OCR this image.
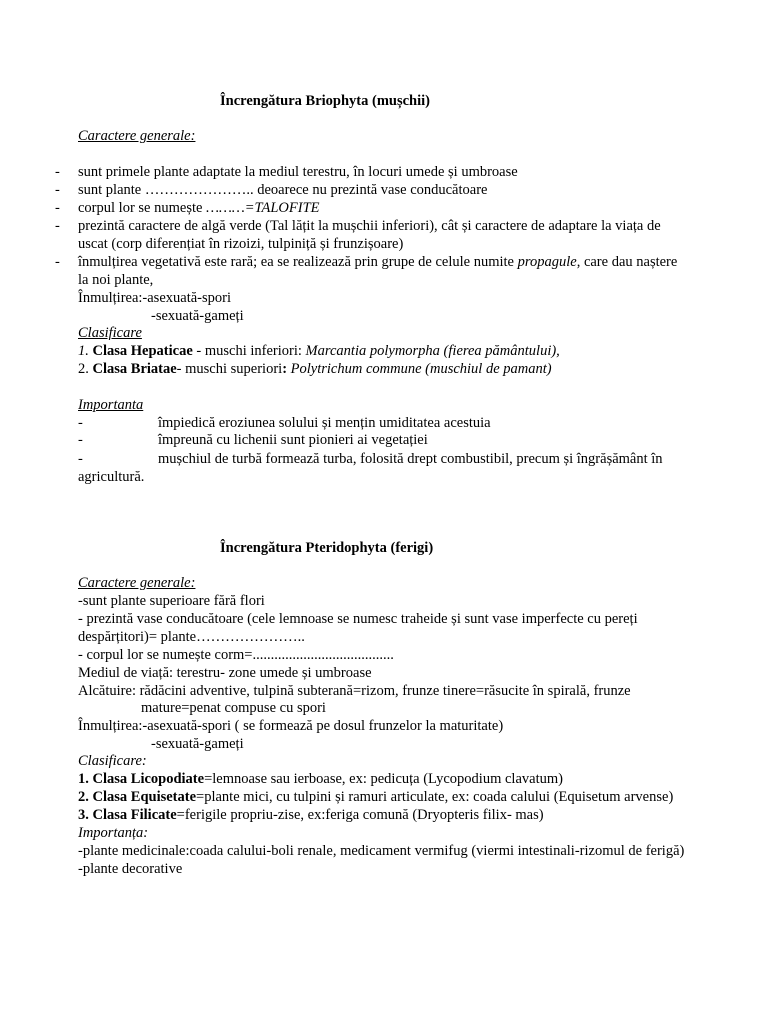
Încrengătura Briophyta (mușchii)
Caractere generale:
- sunt primele plante adaptate la mediul terestru, în locuri umede și umbroase
- sunt plante ………………….. deoarece nu prezintă vase conducătoare
- corpul lor se numește ………=TALOFITE
- prezintă caractere de algă verde (Tal lățit la mușchii inferiori), cât și caractere de adaptare la viața de
uscat (corp diferențiat în rizoizi, tulpiniță și frunzișoare)
- înmulțirea vegetativă este rară; ea se realizează prin grupe de celule numite propagule, care dau naștere
la noi plante,
Înmulțirea:-asexuată-spori
-sexuată-gameți
Clasificare
1. Clasa Hepaticae - muschi inferiori: Marcantia polymorpha (fierea pământului),
2. Clasa Briatae- muschi superiori: Polytrichum commune (muschiul de pamant)
Importanta
-	împiedică eroziunea solului și mențin umiditatea acestuia
-	împreună cu lichenii sunt pionieri ai vegetației
-	mușchiul de turbă formează turba, folosită drept combustibil, precum și îngrășământ în
agricultură.
Încrengătura Pteridophyta (ferigi)
Caractere generale:
-sunt plante superioare fără flori
- prezintă vase conducătoare (cele lemnoase se numesc traheide și sunt vase imperfecte cu pereți
despărțitori)= plante…………………..
- corpul lor se numește corm=.......................................
Mediul de viață: terestru- zone umede și umbroase
Alcătuire: rădăcini adventive, tulpină subterană=rizom, frunze tinere=răsucite în spirală, frunze
mature=penat compuse cu spori
Înmulțirea:-asexuată-spori ( se formează pe dosul frunzelor la maturitate)
-sexuată-gameți
Clasificare:
1. Clasa Licopodiate=lemnoase sau ierboase, ex: pedicuța (Lycopodium clavatum)
2. Clasa Equisetate=plante mici, cu tulpini și ramuri articulate, ex: coada calului (Equisetum arvense)
3. Clasa Filicate=ferigile propriu-zise, ex:feriga comună (Dryopteris filix- mas)
Importanța:
-plante medicinale:coada calului-boli renale, medicament vermifug (viermi intestinali-rizomul de ferigă)
-plante decorative
